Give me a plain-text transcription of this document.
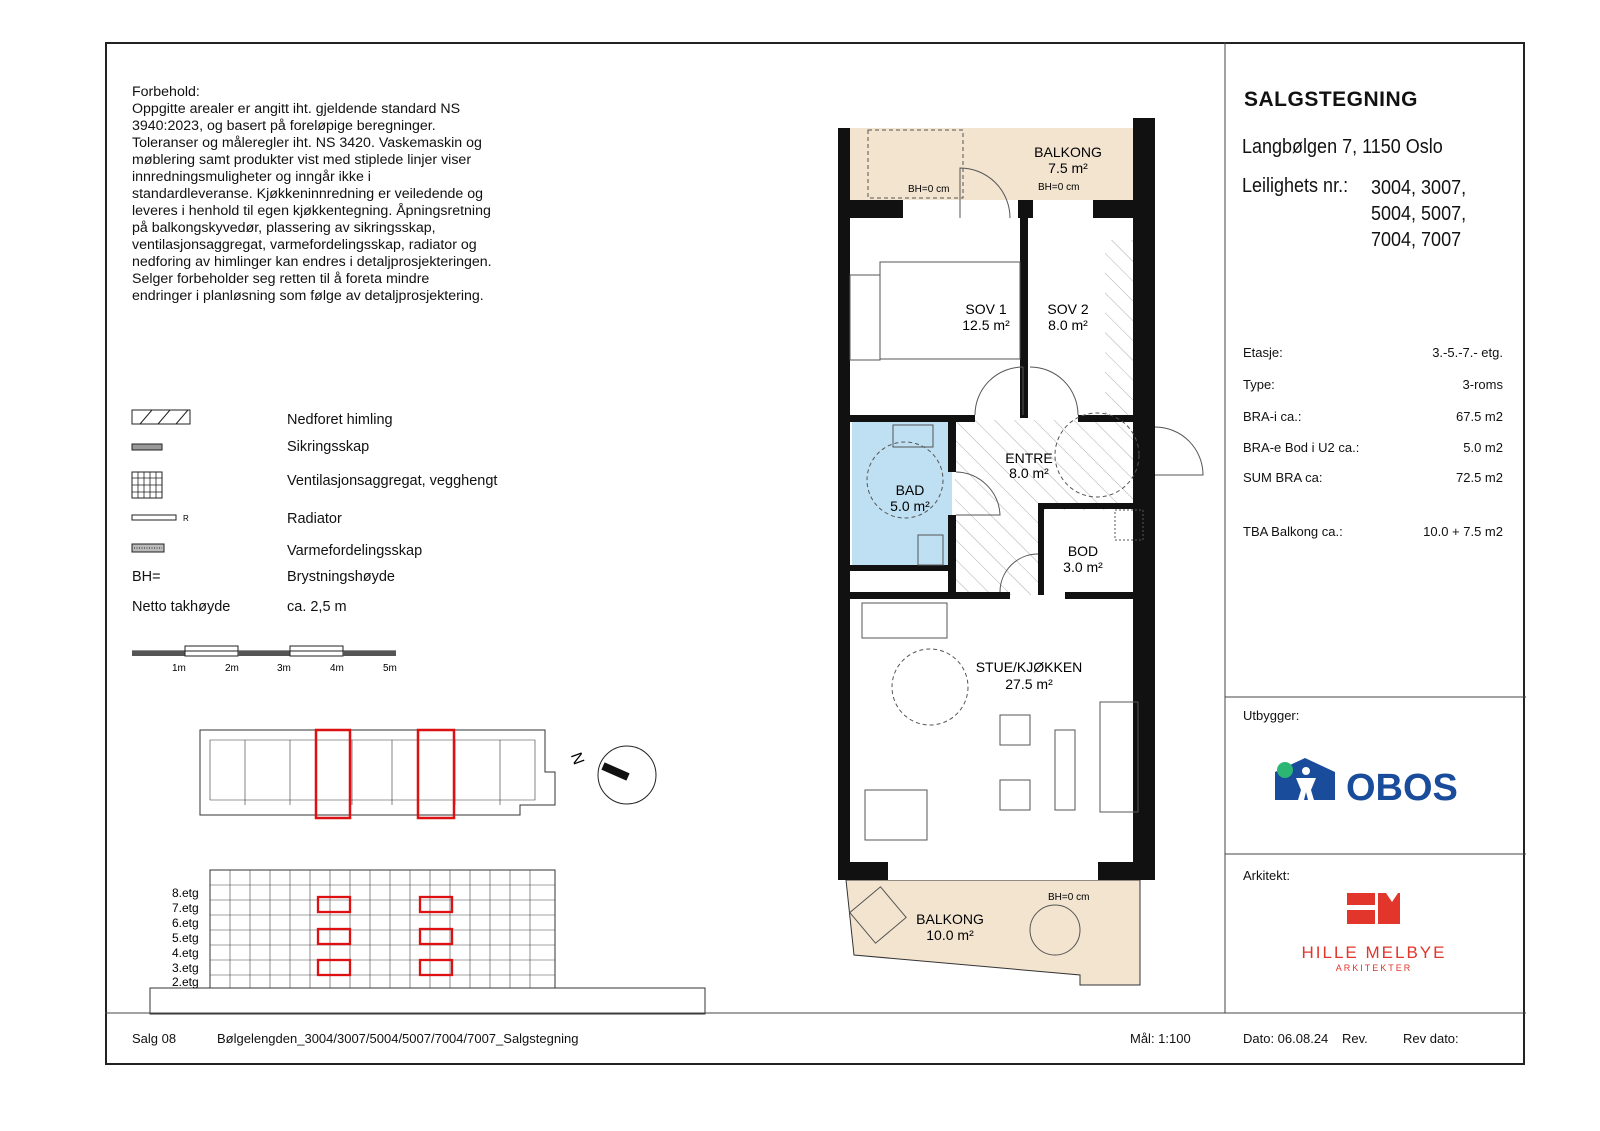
Forbehold:
Oppgitte arealer er angitt iht. gjeldende standard NS 3940:2023, og basert på foreløpige beregninger. Toleranser og måleregler iht. NS 3420. Vaskemaskin og møblering samt produkter vist med stiplede linjer viser innredningsmuligheter og inngår ikke i standardleveranse. Kjøkkeninnredning er veiledende og leveres i henhold til egen kjøkkentegning. Åpningsretning på balkongskyvedør, plassering av sikringsskap, ventilasjonsaggregat, varmefordelingsskap, radiator og nedforing av himlinger kan endres i detaljprosjekteringen. Selger forbeholder seg retten til å foreta mindre endringer i planløsning som følge av detaljprosjektering.
R
1m	2m	3m	4m	5m
N
8.etg
7.etg
6.etg
5.etg
4.etg
3.etg
2.etg
BALKONG
7.5 m²
SOV 1
12.5 m²
SOV 2
8.0 m²
ENTRE
8.0 m²
BAD
5.0 m²
BOD
3.0 m²
STUE/KJØKKEN
27.5 m²
BALKONG
10.0 m²
BH=0 cm	BH=0 cm
BH=0 cm
OBOS
HILLE MELBYE
ARKITEKTER
Nedforet himling
Sikringsskap
Ventilasjonsaggregat, vegghengt
Radiator
Varmefordelingsskap
BH=	Brystningshøyde
Netto takhøyde	ca. 2,5 m
SALGSTEGNING
Langbølgen 7, 1150 Oslo
Leilighets nr.: 3004, 3007,
5004, 5007,
7004, 7007
Etasje:	3.-5.-7.- etg.
Type:	3-roms
BRA-i ca.:	67.5 m2
BRA-e Bod i U2 ca.:	5.0 m2
SUM BRA ca:	72.5 m2
TBA Balkong ca.:	10.0 + 7.5 m2
Utbygger:
Arkitekt:
Salg 08	Bølgelengden_3004/3007/5004/5007/7004/7007_Salgstegning	Mål: 1:100	Dato: 06.08.24 Rev.	Rev dato:
